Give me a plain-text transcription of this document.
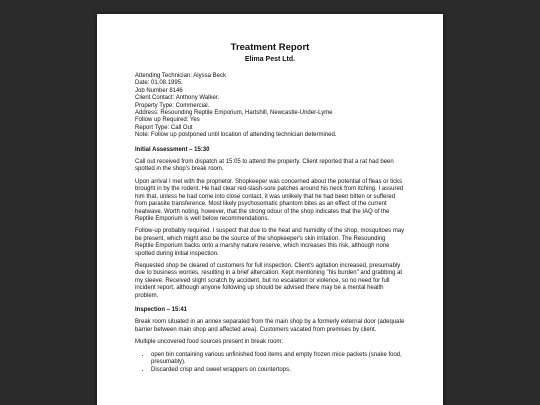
Treatment Report
Elima Pest Ltd.
Attending Technician: Alyssa Beck
Date: 01.08.1995.
Job Number 8146
Client Contact: Anthony Walker.
Property Type: Commercial.
Address: Resounding Reptile Emporium, Hartshill, Newcastle-Under-Lyme
Follow up Required: Yes
Report Type: Call Out
Note: Follow up postponed until location of attending technician determined.
Initial Assessment – 15:30

Call out received from dispatch at 15:05 to attend the property. Client reported that a rat had been spotted in the shop's break room.

Upon arrival I met with the proprietor. Shopkeeper was concerned about the potential of fleas or ticks brought in by the rodent. He had clear red-slash-sore patches around his neck from itching. I assured him that, unless he had come into close contact, it was unlikely that he had been bitten or suffered from parasite transference. Most likely psychosomatic phantom bites as an effect of the current heatwave. Worth noting, however, that the strong odour of the shop indicates that the IAQ of the Reptile Emporium is well below recommendations.

Follow-up probably required. I suspect that due to the heat and humidity of the shop, mosquitoes may be present, which might also be the source of the shopkeeper's skin irritation. The Resounding Reptile Emporium backs onto a marshy nature reserve, which increases this risk, although none spotted during initial inspection.

Requested shop be cleared of customers for full inspection. Client's agitation increased, presumably due to business worries, resulting in a brief altercation. Kept mentioning "his burden" and grabbing at my sleeve. Received slight scratch by accident, but no escalation or violence, so no need for full incident report, although anyone following up should be advised there may be a mental health problem.

Inspection – 15:41

Break room situated in an annex separated from the main shop by a formerly external door (adequate barrier between main shop and affected area). Customers vacated from premises by client.

Multiple uncovered food sources present in break room:

• open bin containing various unfinished food items and empty frozen mice packets (snake food, presumably).
• Discarded crisp and sweet wrappers on countertops.
